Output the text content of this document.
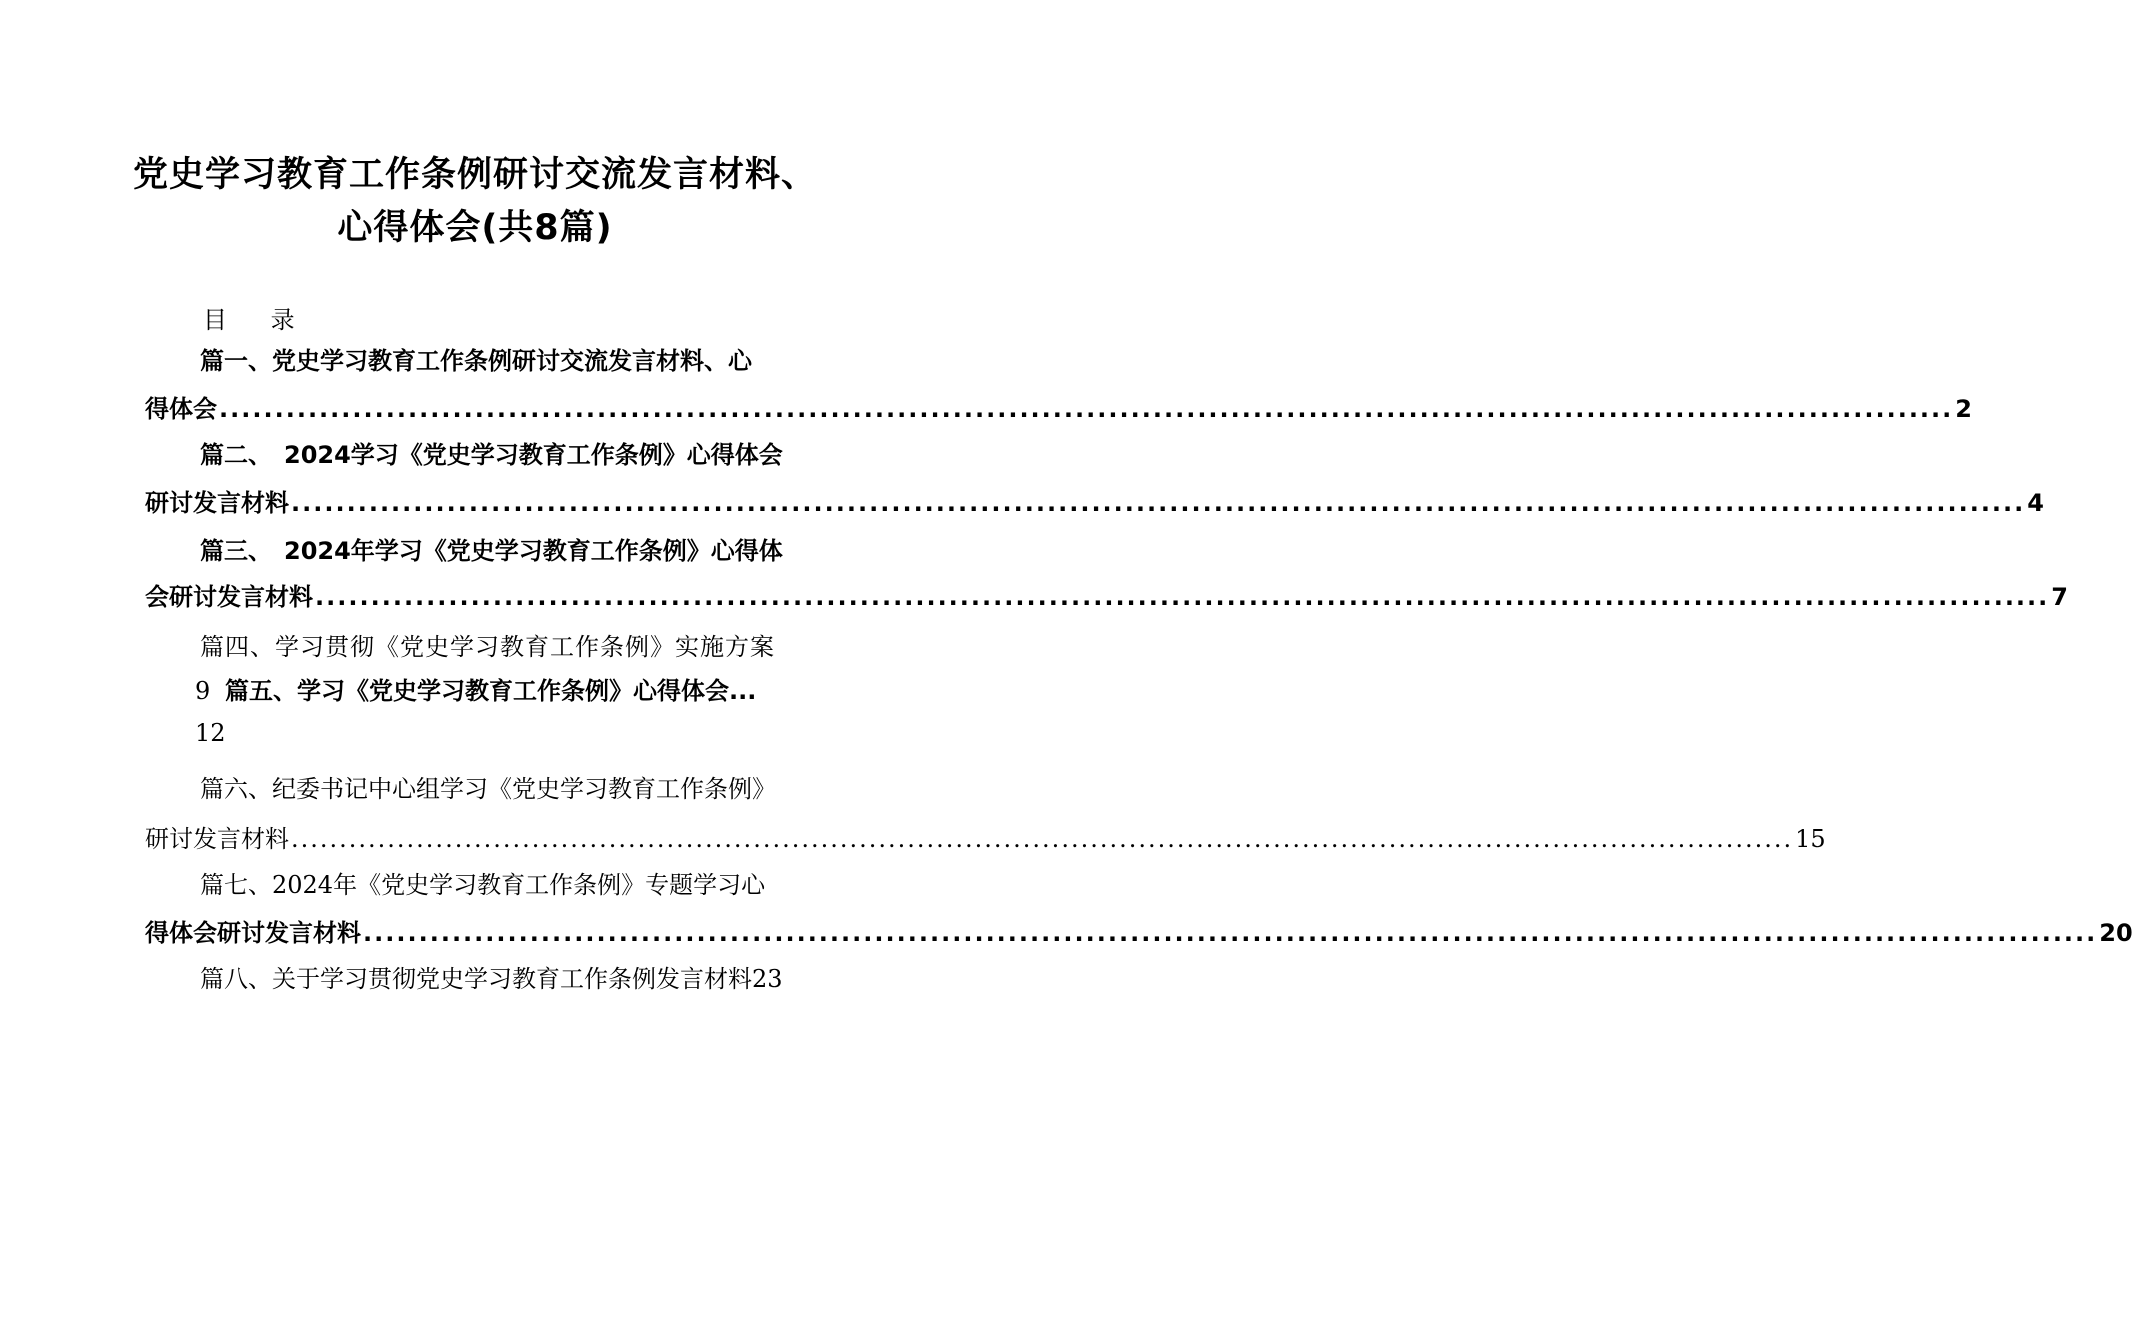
党史学习教育工作条例研讨交流发言材料、
心得体会(共8篇)
目 录
篇一、党史学习教育工作条例研讨交流发言材料、心
得体会 ............................................................................................................................................................ 2
篇二、　2024学习《党史学习教育工作条例》心得体会
研讨发言材料 ............................................................................................................................................................ 4
篇三、　2024年学习《党史学习教育工作条例》心得体
会研讨发言材料 ............................................................................................................................................................ 7
篇四、学习贯彻《党史学习教育工作条例》实施方案
9 篇五、学习《党史学习教育工作条例》心得体会...
12
篇六、纪委书记中心组学习《党史学习教育工作条例》
研讨发言材料 ............................................................................................................................................................ 15
篇七、2024年《党史学习教育工作条例》专题学习心
得体会研讨发言材料 ............................................................................................................................................................ 20
篇八、关于学习贯彻党史学习教育工作条例发言材料 23
